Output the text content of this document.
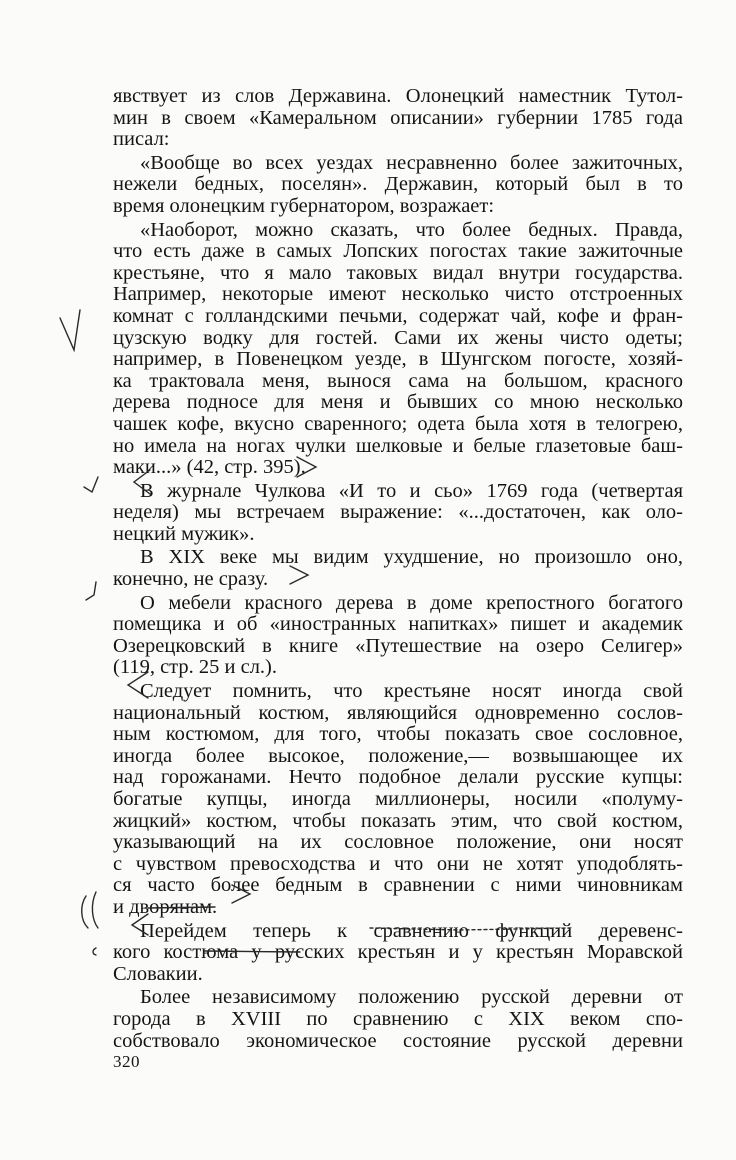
явствует из слов Державина. Олонецкий наместник Тутол-
мин в своем «Камеральном описании» губернии 1785 года
писал:
«Вообще во всех уездах несравненно более зажиточных,
нежели бедных, поселян». Державин, который был в то
время олонецким губернатором, возражает:
«Наоборот, можно сказать, что более бедных. Правда,
что есть даже в самых Лопских погостах такие зажиточные
крестьяне, что я мало таковых видал внутри государства.
Например, некоторые имеют несколько чисто отстроенных
комнат с голландскими печьми, содержат чай, кофе и фран-
цузскую водку для гостей. Сами их жены чисто одеты;
например, в Повенецком уезде, в Шунгском погосте, хозяй-
ка трактовала меня, вынося сама на большом, красного
дерева подносе для меня и бывших со мною несколько
чашек кофе, вкусно сваренного; одета была хотя в телогрею,
но имела на ногах чулки шелковые и белые глазетовые баш-
маки...» (42, стр. 395).
В журнале Чулкова «И то и сьо» 1769 года (четвертая
неделя) мы встречаем выражение: «...достаточен, как оло-
нецкий мужик».
В XIX веке мы видим ухудшение, но произошло оно,
конечно, не сразу.
О мебели красного дерева в доме крепостного богатого
помещика и об «иностранных напитках» пишет и академик
Озерецковский в книге «Путешествие на озеро Селигер»
(119, стр. 25 и сл.).
Следует помнить, что крестьяне носят иногда свой
национальный костюм, являющийся одновременно сослов-
ным костюмом, для того, чтобы показать свое сословное,
иногда более высокое, положение,— возвышающее их
над горожанами. Нечто подобное делали русские купцы:
богатые купцы, иногда миллионеры, носили «полуму-
жицкий» костюм, чтобы показать этим, что свой костюм,
указывающий на их сословное положение, они носят
с чувством превосходства и что они не хотят уподоблять-
ся часто более бедным в сравнении с ними чиновникам
и дворянам.
Перейдем теперь к сравнению функций деревенс-
кого костюма у русских крестьян и у крестьян Моравской
Словакии.
Более независимому положению русской деревни от
города в XVIII по сравнению с XIX веком спо-
собствовало экономическое состояние русской деревни
320
